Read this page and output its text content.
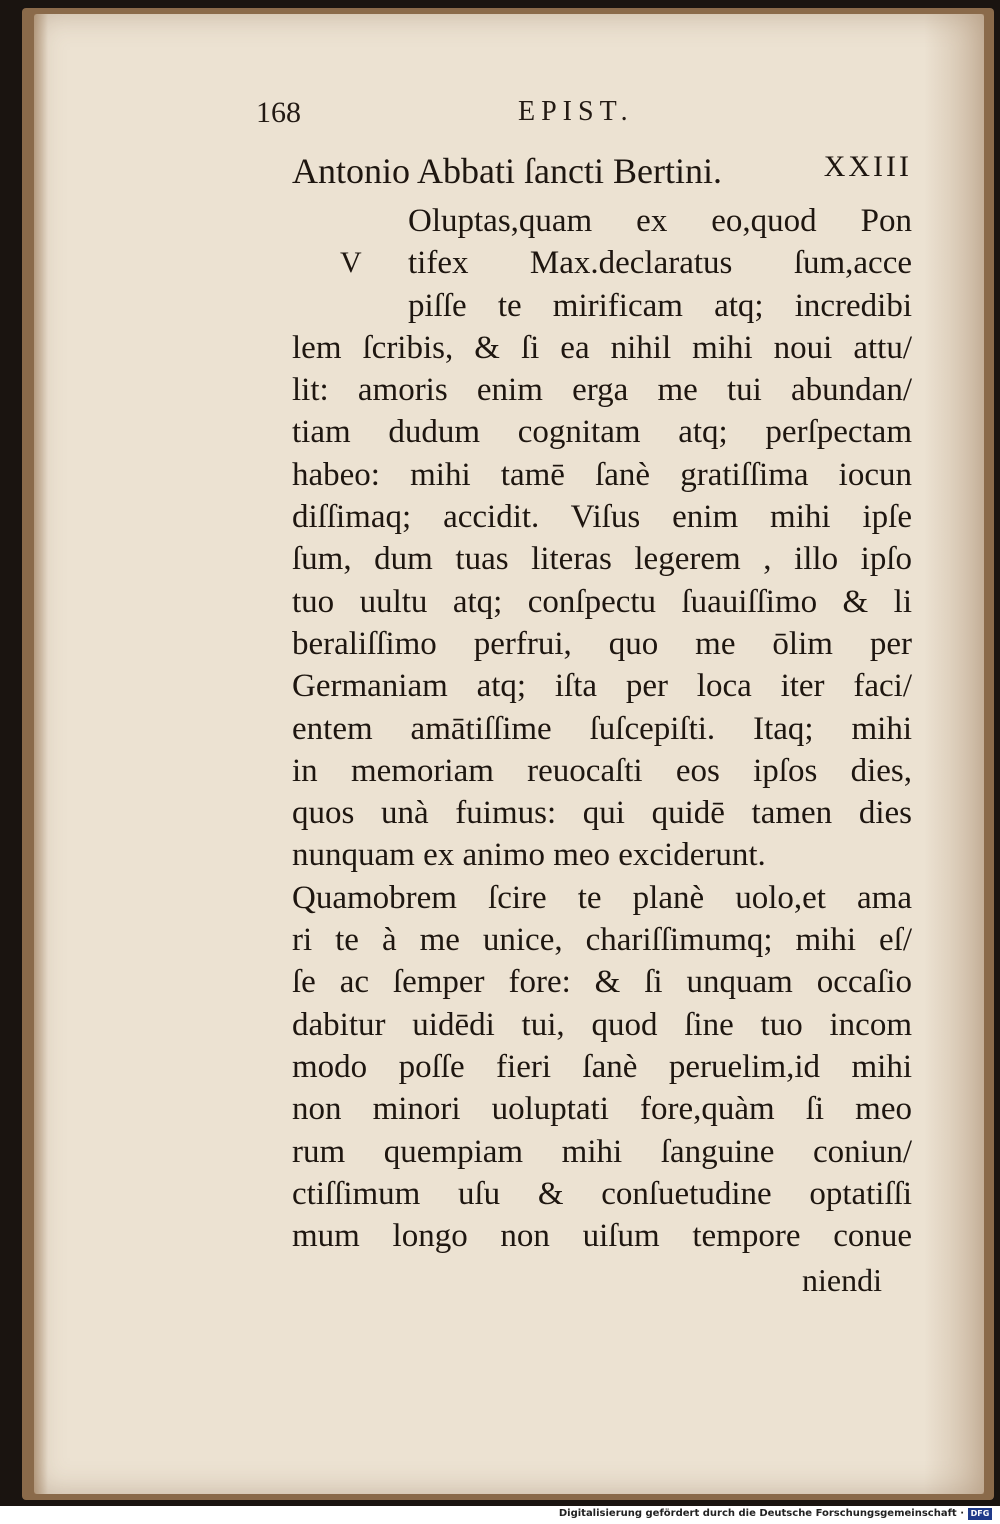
168	EPIST.
Antonio Abbati ſancti Bertini.	XXIII
V
Oluptas,quam ex eo,quod Pon
tifex Max.declaratus ſum,acce
piſſe te mirificam atq; incredibi
lem ſcribis, & ſi ea nihil mihi noui attu/
lit: amoris enim erga me tui abundan/
tiam dudum cognitam atq; perſpectam
habeo: mihi tamē ſanè gratiſſima iocun
diſſimaq; accidit. Viſus enim mihi ipſe
ſum, dum tuas literas legerem , illo ipſo
tuo uultu atq; conſpectu ſuauiſſimo & li
beraliſſimo perfrui, quo me ōlim per
Germaniam atq; iſta per loca iter faci/
entem amātiſſime ſuſcepiſti. Itaq; mihi
in memoriam reuocaſti eos ipſos dies,
quos unà fuimus: qui quidē tamen dies
nunquam ex animo meo exciderunt.
Quamobrem ſcire te planè uolo,et ama
ri te à me unice, chariſſimumq; mihi eſ/
ſe ac ſemper fore: & ſi unquam occaſio
dabitur uidēdi tui, quod ſine tuo incom
modo poſſe fieri ſanè peruelim,id mihi
non minori uoluptati fore,quàm ſi meo
rum quempiam mihi ſanguine coniun/
ctiſſimum uſu & conſuetudine optatiſſi
mum longo non uiſum tempore conue
niendi
Digitalisierung gefördert durch die Deutsche Forschungsgemeinschaft · DFG
